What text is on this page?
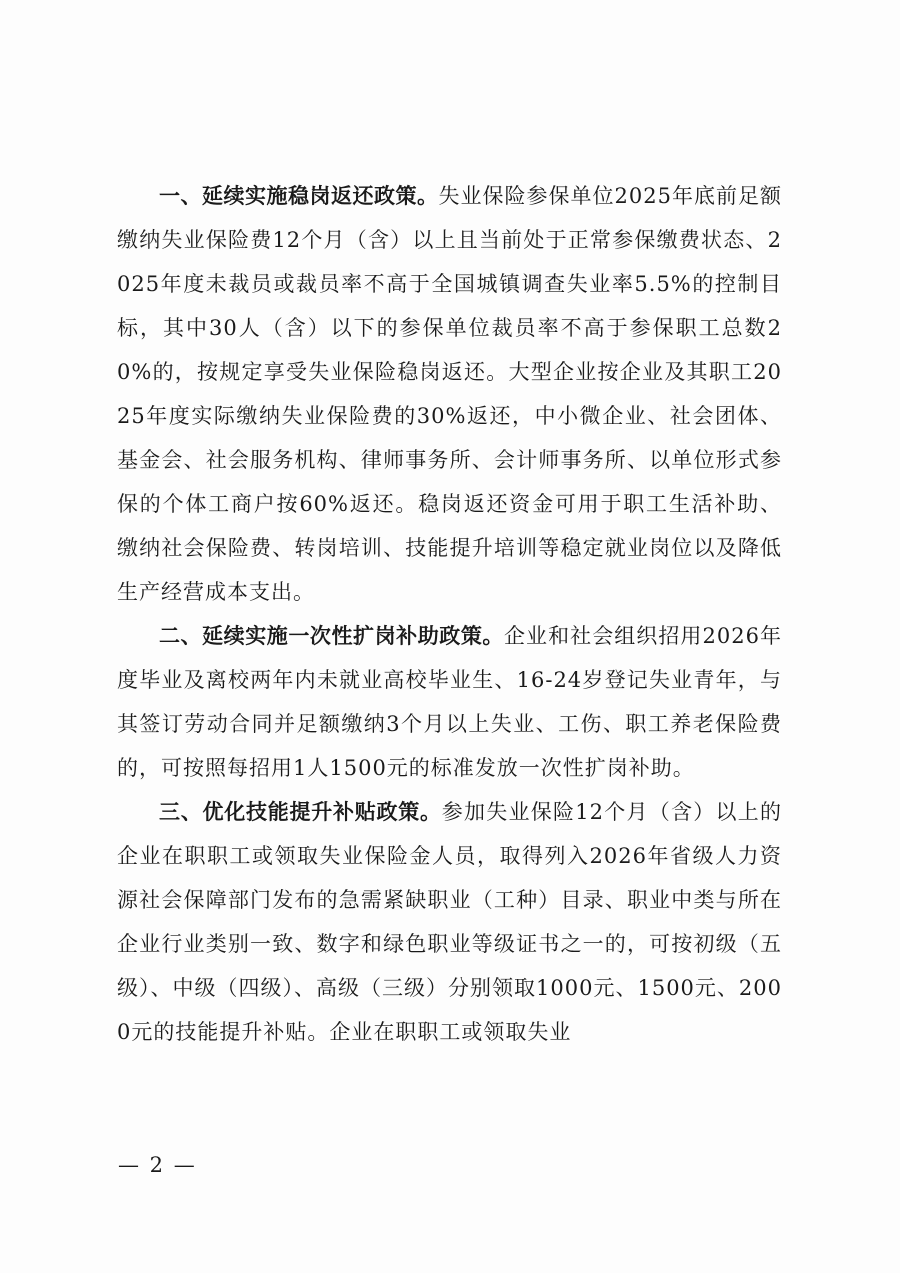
一、延续实施稳岗返还政策。失业保险参保单位2025年底前足额缴纳失业保险费12个月（含）以上且当前处于正常参保缴费状态、2025年度未裁员或裁员率不高于全国城镇调查失业率5.5%的控制目标，其中30人（含）以下的参保单位裁员率不高于参保职工总数20%的，按规定享受失业保险稳岗返还。大型企业按企业及其职工2025年度实际缴纳失业保险费的30%返还，中小微企业、社会团体、基金会、社会服务机构、律师事务所、会计师事务所、以单位形式参保的个体工商户按60%返还。稳岗返还资金可用于职工生活补助、缴纳社会保险费、转岗培训、技能提升培训等稳定就业岗位以及降低生产经营成本支出。

二、延续实施一次性扩岗补助政策。企业和社会组织招用2026年度毕业及离校两年内未就业高校毕业生、16-24岁登记失业青年，与其签订劳动合同并足额缴纳3个月以上失业、工伤、职工养老保险费的，可按照每招用1人1500元的标准发放一次性扩岗补助。

三、优化技能提升补贴政策。参加失业保险12个月（含）以上的企业在职职工或领取失业保险金人员，取得列入2026年省级人力资源社会保障部门发布的急需紧缺职业（工种）目录、职业中类与所在企业行业类别一致、数字和绿色职业等级证书之一的，可按初级（五级）、中级（四级）、高级（三级）分别领取1000元、1500元、2000元的技能提升补贴。企业在职职工或领取失业

— 2 —
